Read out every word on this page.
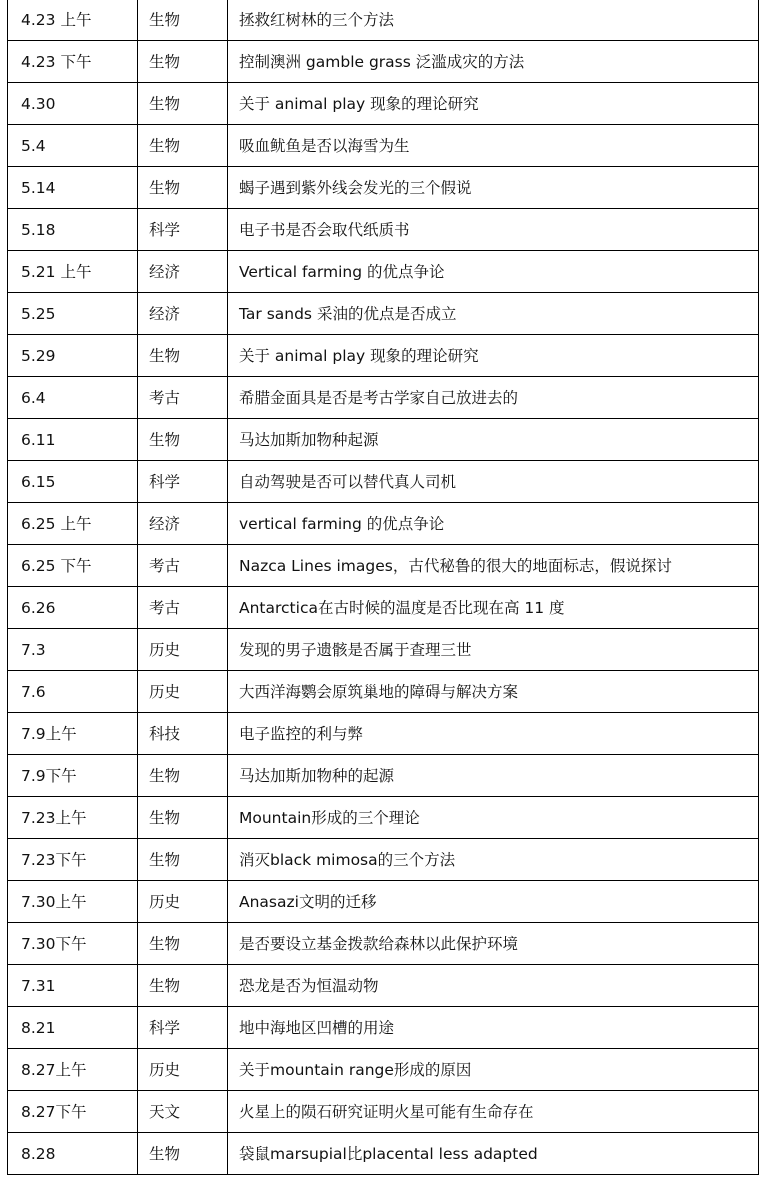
4.23 上午	生物	拯救红树林的三个方法
4.23 下午	生物	控制澳洲 gamble grass 泛滥成灾的方法
4.30	生物	关于 animal play 现象的理论研究
5.4	生物	吸血鱿鱼是否以海雪为生
5.14	生物	蝎子遇到紫外线会发光的三个假说
5.18	科学	电子书是否会取代纸质书
5.21 上午	经济	Vertical farming 的优点争论
5.25	经济	Tar sands 采油的优点是否成立
5.29	生物	关于 animal play 现象的理论研究
6.4	考古	希腊金面具是否是考古学家自己放进去的
6.11	生物	马达加斯加物种起源
6.15	科学	自动驾驶是否可以替代真人司机
6.25 上午	经济	vertical farming 的优点争论
6.25 下午	考古	Nazca Lines images，古代秘鲁的很大的地面标志，假说探讨
6.26	考古	Antarctica在古时候的温度是否比现在高 11 度
7.3	历史	发现的男子遗骸是否属于查理三世
7.6	历史	大西洋海鹦会原筑巢地的障碍与解决方案
7.9上午	科技	电子监控的利与弊
7.9下午	生物	马达加斯加物种的起源
7.23上午	生物	Mountain形成的三个理论
7.23下午	生物	消灭black mimosa的三个方法
7.30上午	历史	Anasazi文明的迁移
7.30下午	生物	是否要设立基金拨款给森林以此保护环境
7.31	生物	恐龙是否为恒温动物
8.21	科学	地中海地区凹槽的用途
8.27上午	历史	关于mountain range形成的原因
8.27下午	天文	火星上的陨石研究证明火星可能有生命存在
8.28	生物	袋鼠marsupial比placental less adapted
